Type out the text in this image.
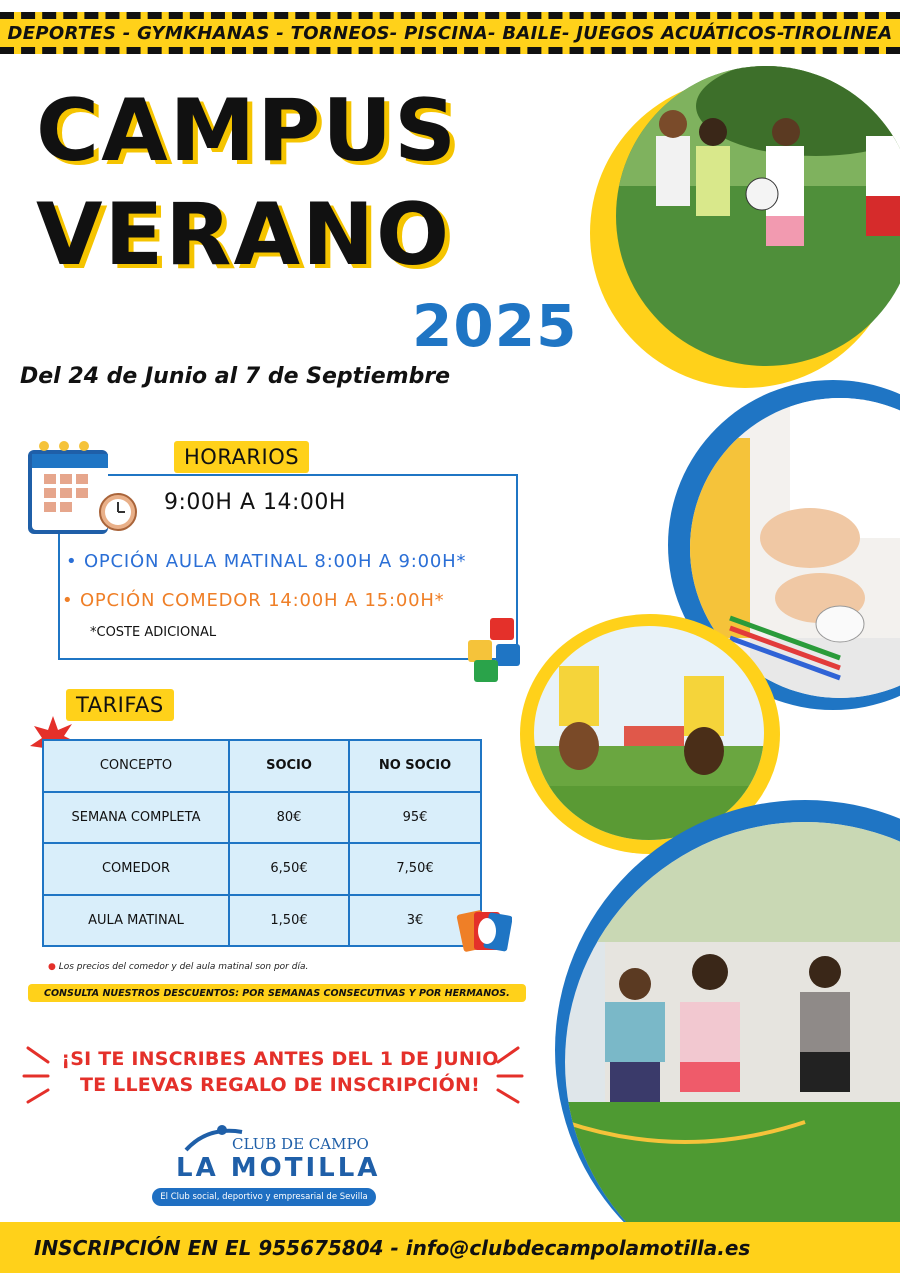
DEPORTES - GYMKHANAS - TORNEOS- PISCINA- BAILE- JUEGOS ACUÁTICOS-TIROLINEA
CAMPUS
VERANO
2025
Del 24 de Junio al 7 de Septiembre
HORARIOS
9:00H A 14:00H
• OPCIÓN AULA MATINAL 8:00H A 9:00H*
• OPCIÓN COMEDOR 14:00H A 15:00H*
*COSTE ADICIONAL
TARIFAS
CONCEPTO	SOCIO	NO SOCIO
SEMANA COMPLETA	80€	95€
COMEDOR	6,50€	7,50€
AULA MATINAL	1,50€	3€
● Los precios del comedor y del aula matinal son por día.
CONSULTA NUESTROS DESCUENTOS: POR SEMANAS CONSECUTIVAS Y POR HERMANOS.
¡SI TE INSCRIBES ANTES DEL 1 DE JUNIO
TE LLEVAS REGALO DE INSCRIPCIÓN!
CLUB DE CAMPO
LA MOTILLA
El Club social, deportivo y empresarial de Sevilla
INSCRIPCIÓN EN EL 955675804 - info@clubdecampolamotilla.es
